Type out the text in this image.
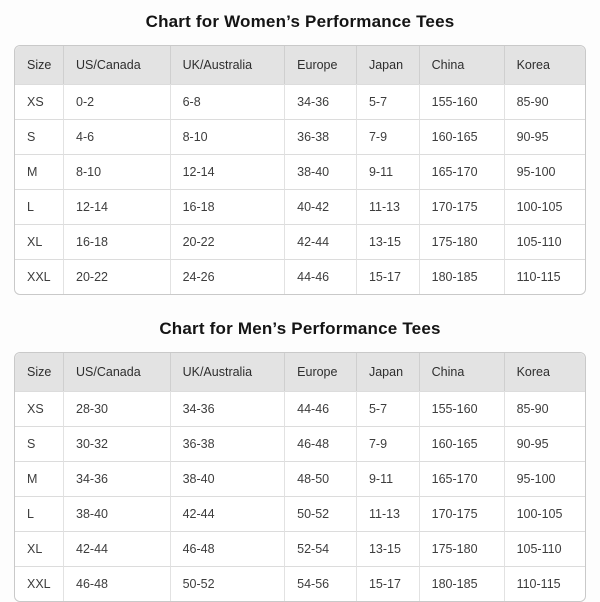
Chart for Women’s Performance Tees
Size	US/Canada	UK/Australia	Europe	Japan	China	Korea
XS	0-2	6-8	34-36	5-7	155-160	85-90
S	4-6	8-10	36-38	7-9	160-165	90-95
M	8-10	12-14	38-40	9-11	165-170	95-100
L	12-14	16-18	40-42	11-13	170-175	100-105
XL	16-18	20-22	42-44	13-15	175-180	105-110
XXL	20-22	24-26	44-46	15-17	180-185	110-115
Chart for Men’s Performance Tees
Size	US/Canada	UK/Australia	Europe	Japan	China	Korea
XS	28-30	34-36	44-46	5-7	155-160	85-90
S	30-32	36-38	46-48	7-9	160-165	90-95
M	34-36	38-40	48-50	9-11	165-170	95-100
L	38-40	42-44	50-52	11-13	170-175	100-105
XL	42-44	46-48	52-54	13-15	175-180	105-110
XXL	46-48	50-52	54-56	15-17	180-185	110-115
